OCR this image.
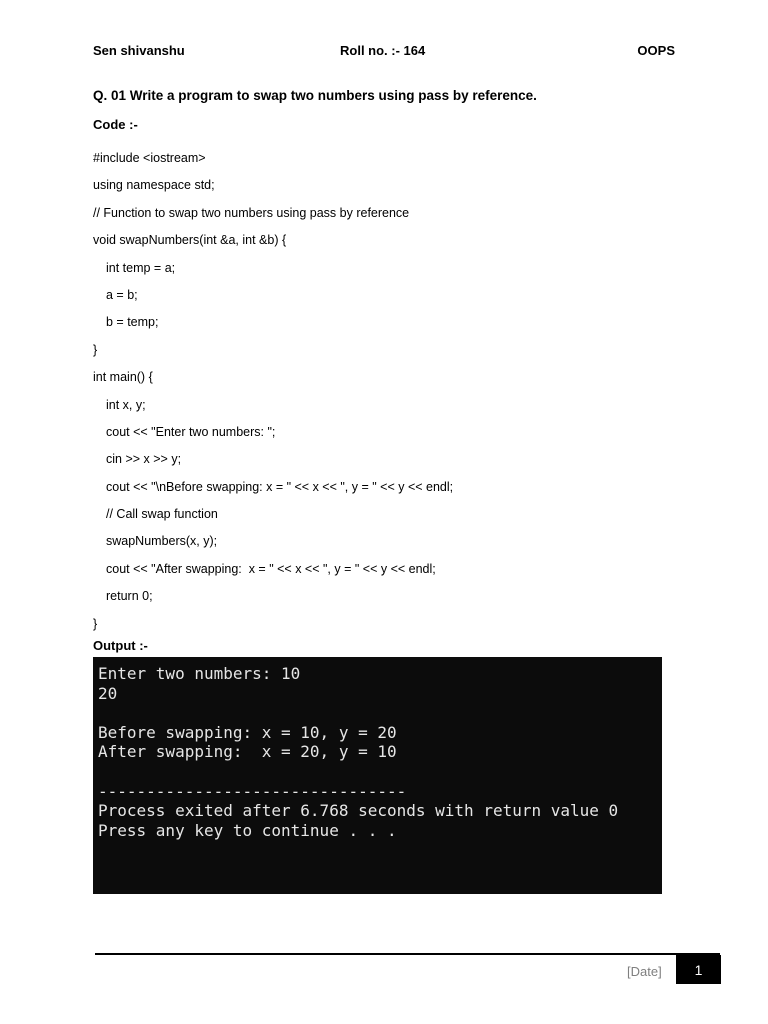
Sen shivanshu	Roll no. :- 164	OOPS
Q. 01 Write a program to swap two numbers using pass by reference.
Code :-
#include <iostream>
using namespace std;
// Function to swap two numbers using pass by reference
void swapNumbers(int &a, int &b) {
int temp = a;
a = b;
b = temp;
}
int main() {
int x, y;
cout << "Enter two numbers: ";
cin >> x >> y;
cout << "\nBefore swapping: x = " << x << ", y = " << y << endl;
// Call swap function
swapNumbers(x, y);
cout << "After swapping:  x = " << x << ", y = " << y << endl;
return 0;
}
Output :-
Enter two numbers: 10
20
Before swapping: x = 10, y = 20
After swapping:  x = 20, y = 10
--------------------------------
Process exited after 6.768 seconds with return value 0
Press any key to continue . . .
[Date] 1
